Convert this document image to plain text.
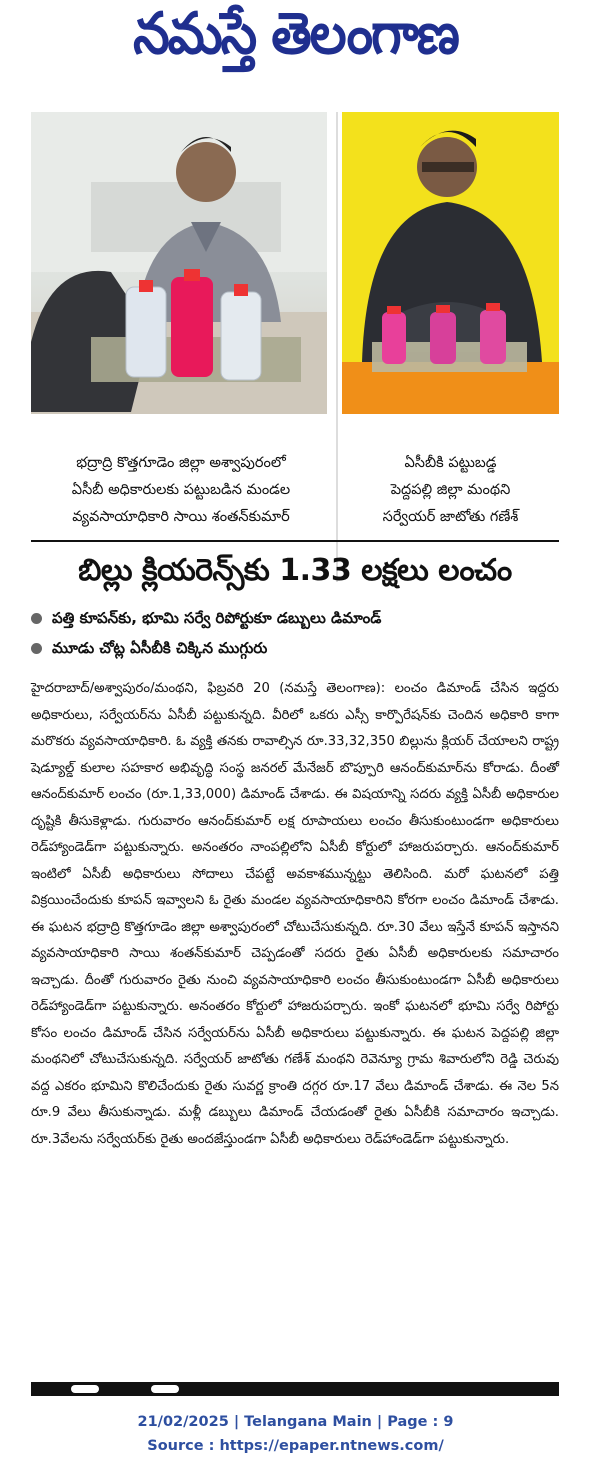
నమస్తే తెలంగాణ
భద్రాద్రి కొత్తగూడెం జిల్లా అశ్వాపురంలో
ఏసీబీ అధికారులకు పట్టుబడిన మండల
వ్యవసాయాధికారి సాయి శంతన్‌కుమార్
ఏసీబీకి పట్టుబడ్డ
పెద్దపల్లి జిల్లా మంథని
సర్వేయర్ జాటోతు గణేశ్
బిల్లు క్లియరెన్స్‌కు 1.33 లక్షలు లంచం
పత్తి కూపన్‌కు, భూమి సర్వే రిపోర్టుకూ డబ్బులు డిమాండ్
మూడు చోట్ల ఏసీబీకి చిక్కిన ముగ్గురు

హైదరాబాద్/అశ్వాపురం/మంథని, ఫిబ్రవరి 20 (నమస్తే తెలంగాణ): లంచం డిమాండ్ చేసిన ఇద్దరు అధికారులు, సర్వేయర్‌ను ఏసీబీ పట్టుకున్నది. వీరిలో ఒకరు ఎస్సీ కార్పొరేషన్‌కు చెందిన అధికారి కాగా మరొకరు వ్యవసాయాధికారి. ఓ వ్యక్తి తనకు రావాల్సిన రూ.33,32,350 బిల్లును క్లియర్ చేయాలని రాష్ట్ర షెడ్యూల్డ్ కులాల సహకార అభివృద్ధి సంస్థ జనరల్ మేనేజర్ బొప్పూరి ఆనంద్‌కుమార్‌ను కోరాడు. దీంతో ఆనంద్‌కుమార్ లంచం (రూ.1,33,000) డిమాండ్ చేశాడు. ఈ విషయాన్ని సదరు వ్యక్తి ఏసీబీ అధికారుల దృష్టికి తీసుకెళ్లాడు. గురువారం ఆనంద్‌కుమార్ లక్ష రూపాయలు లంచం తీసుకుంటుండగా అధికారులు రెడ్‌హ్యాండెడ్‌గా పట్టుకున్నారు. అనంతరం నాంపల్లిలోని ఏసీబీ కోర్టులో హాజరుపర్చారు. ఆనంద్‌కుమార్ ఇంటిలో ఏసీబీ అధికారులు సోదాలు చేపట్టే అవకాశమున్నట్టు తెలిసింది. మరో ఘటనలో పత్తి విక్రయించేందుకు కూపన్ ఇవ్వాలని ఓ రైతు మండల వ్యవసాయాధికారిని కోరగా లంచం డిమాండ్ చేశాడు. ఈ ఘటన భద్రాద్రి కొత్తగూడెం జిల్లా అశ్వాపురంలో చోటుచేసుకున్నది. రూ.30 వేలు ఇస్తేనే కూపన్ ఇస్తానని వ్యవసాయాధికారి సాయి శంతన్‌కుమార్ చెప్పడంతో సదరు రైతు ఏసీబీ అధికారులకు సమాచారం ఇచ్చాడు. దీంతో గురువారం రైతు నుంచి వ్యవసాయాధికారి లంచం తీసుకుంటుండగా ఏసీబీ అధికారులు రెడ్‌హ్యాండెడ్‌గా పట్టుకున్నారు. అనంతరం కోర్టులో హాజరుపర్చారు. ఇంకో ఘటనలో భూమి సర్వే రిపోర్టు కోసం లంచం డిమాండ్ చేసిన సర్వేయర్‌ను ఏసీబీ అధికారులు పట్టుకున్నారు. ఈ ఘటన పెద్దపల్లి జిల్లా మంథనిలో చోటుచేసుకున్నది. సర్వేయర్ జాటోతు గణేశ్ మంథని రెవెన్యూ గ్రామ శివారులోని రెడ్డి చెరువు వద్ద ఎకరం భూమిని కొలిచేందుకు రైతు సువర్ణ క్రాంతి దగ్గర రూ.17 వేలు డిమాండ్ చేశాడు. ఈ నెల 5న రూ.9 వేలు తీసుకున్నాడు. మళ్లీ డబ్బులు డిమాండ్ చేయడంతో రైతు ఏసీబీకి సమాచారం ఇచ్చాడు. రూ.3వేలను సర్వేయర్‌కు రైతు అందజేస్తుండగా ఏసీబీ అధికారులు రెడ్‌హాండెడ్‌గా పట్టుకున్నారు.

21/02/2025 | Telangana Main | Page : 9
Source : https://epaper.ntnews.com/
